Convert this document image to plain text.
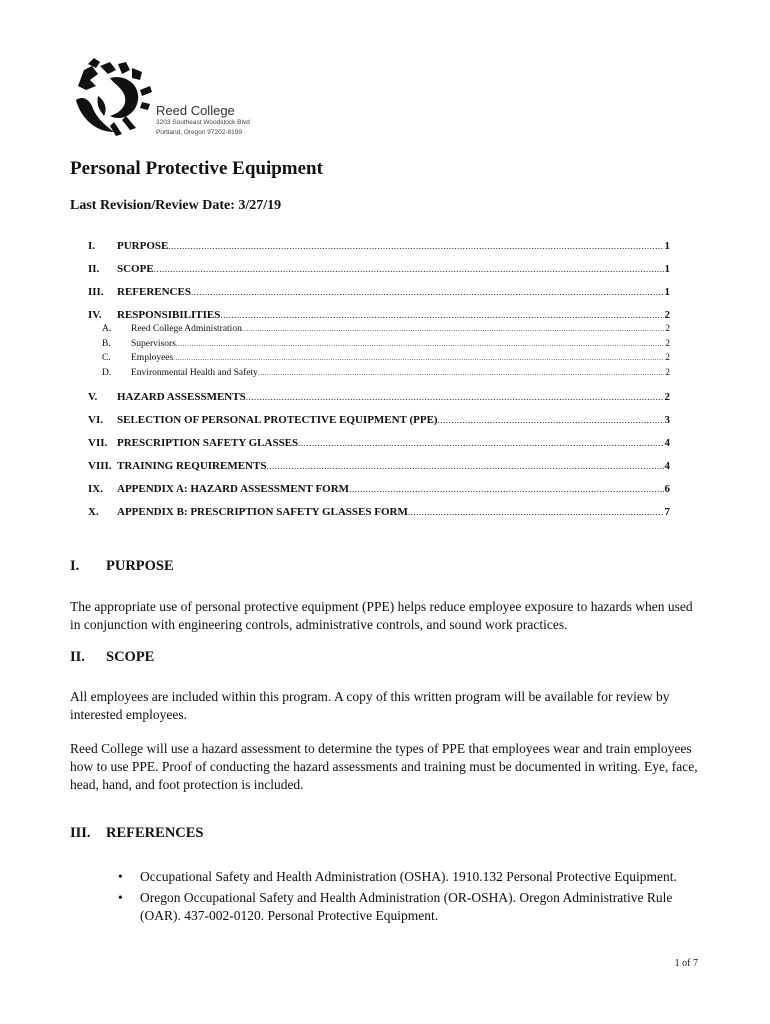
Reed College
3203 Southeast Woodstock Blvd
Portland, Oregon 97202-8199
Personal Protective Equipment
Last Revision/Review Date: 3/27/19
I.	PURPOSE .....	1
II.	SCOPE .....	1
III.	REFERENCES .....	1
IV.	RESPONSIBILITIES .....	2
A.	Reed College Administration .....	2
B.	Supervisors .....	2
C.	Employees .....	2
D.	Environmental Health and Safety .....	2
V.	HAZARD ASSESSMENTS .....	2
VI.	SELECTION OF PERSONAL PROTECTIVE EQUIPMENT (PPE) .....	3
VII. PRESCRIPTION SAFETY GLASSES .....	4
VIII. TRAINING REQUIREMENTS .....	4
IX.	APPENDIX A: HAZARD ASSESSMENT FORM .....	6
X.	APPENDIX B: PRESCRIPTION SAFETY GLASSES FORM .....	7
I. PURPOSE

The appropriate use of personal protective equipment (PPE) helps reduce employee exposure to hazards when used in conjunction with engineering controls, administrative controls, and sound work practices.

II. SCOPE

All employees are included within this program. A copy of this written program will be available for review by interested employees.

Reed College will use a hazard assessment to determine the types of PPE that employees wear and train employees how to use PPE. Proof of conducting the hazard assessments and training must be documented in writing. Eye, face, head, hand, and foot protection is included.

III. REFERENCES
• Occupational Safety and Health Administration (OSHA). 1910.132 Personal Protective Equipment.
• Oregon Occupational Safety and Health Administration (OR-OSHA). Oregon Administrative Rule (OAR). 437-002-0120. Personal Protective Equipment.
1 of 7
